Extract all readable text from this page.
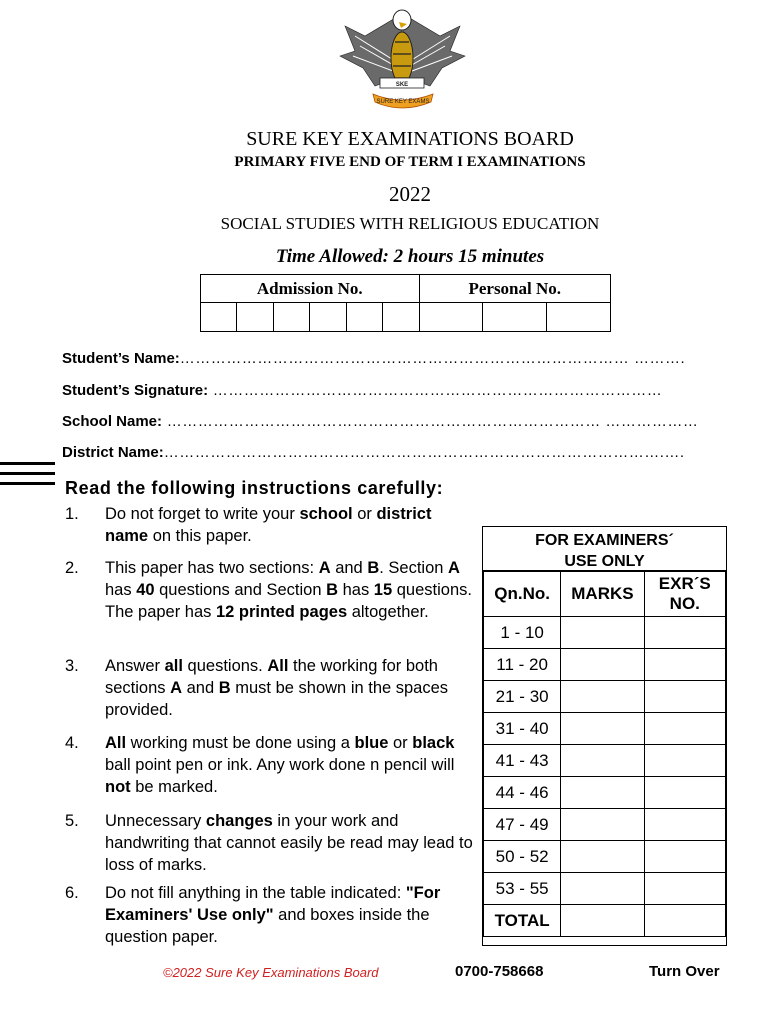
SKE
SURE KEY EXAMS
SURE KEY EXAMINATIONS BOARD
PRIMARY FIVE END OF TERM I EXAMINATIONS
2022
SOCIAL STUDIES WITH RELIGIOUS EDUCATION
Time Allowed: 2 hours 15 minutes
Admission No.						Personal No.		

Student’s Name:…………………………………………………………………………… ……….
Student’s Signature: ……………………………………………………………………………
School Name: ………………………………………………………………………… ………………
District Name:…………………………………………………………………………………….….
Read the following instructions carefully:
1. Do not forget to write your school or district name on this paper.
2. This paper has two sections: A and B. Section A has 40 questions and Section B has 15 questions. The paper has 12 printed pages altogether.
3. Answer all questions. All the working for both sections A and B must be shown in the spaces provided.
4. All working must be done using a blue or black ball point pen or ink. Any work done n pencil will not be marked.
5. Unnecessary changes in your work and handwriting that cannot easily be read may lead to loss of marks.
6. Do not fill anything in the table indicated: "For Examiners' Use only" and boxes inside the question paper.
FOR EXAMINERS´
USE ONLY
Qn.No.	MARKS	EXR´S NO.
1 - 10		
11 - 20		
21 - 30		
31 - 40		
41 - 43		
44 - 46		
47 - 49		
50 - 52		
53 - 55		
TOTAL		
©2022 Sure Key Examinations Board	0700-758668	Turn Over
